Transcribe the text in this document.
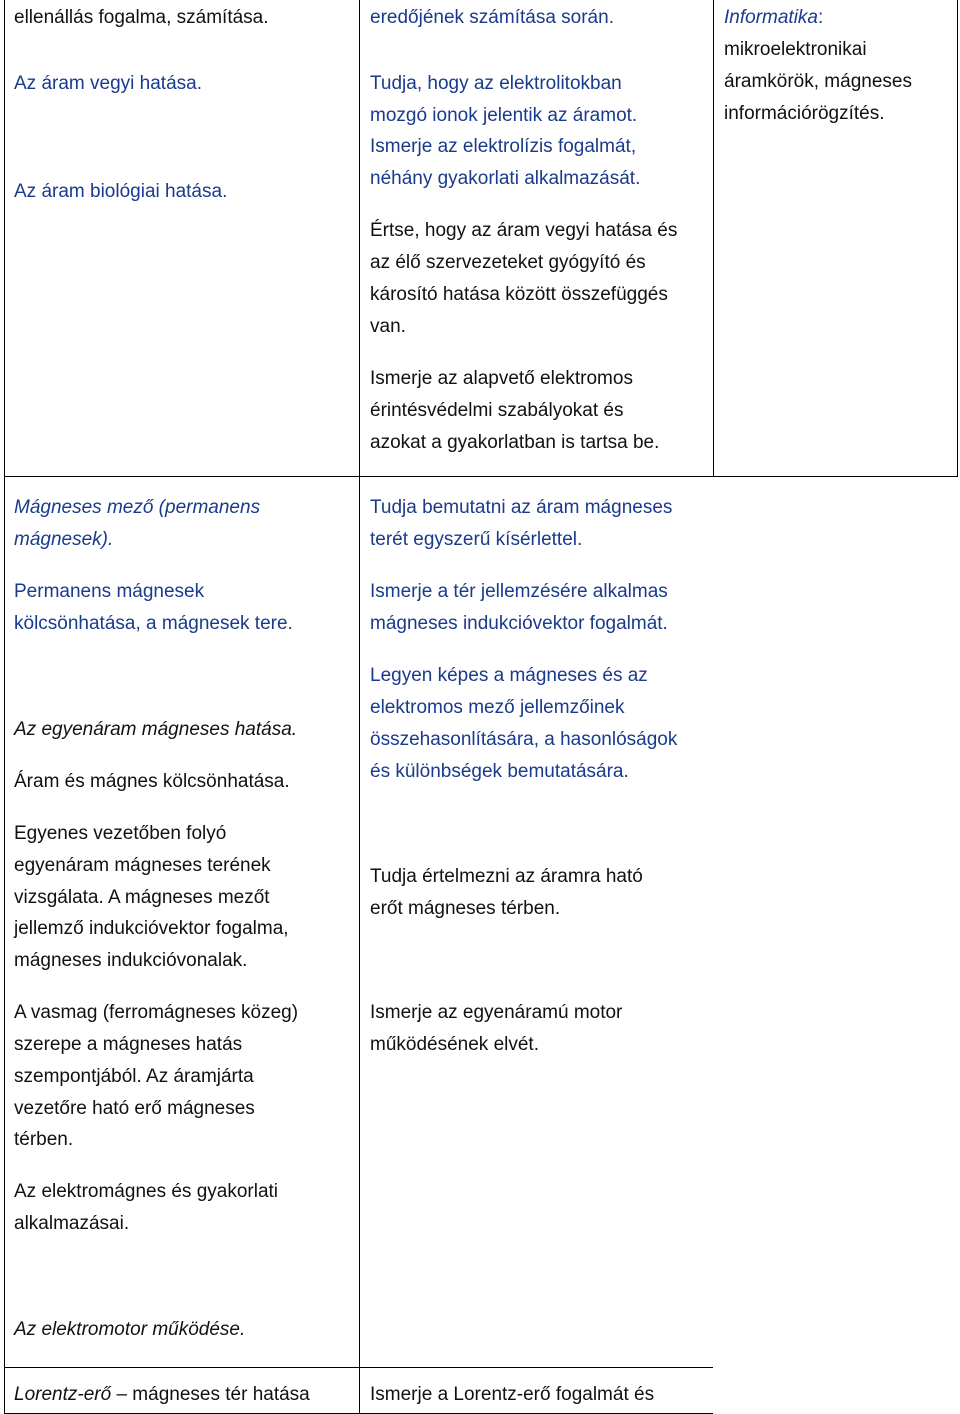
ellenállás fogalma, számítása.

Az áram vegyi hatása.

Az áram biológiai hatása.

eredőjének számítása során.

Tudja, hogy az elektrolitokban

mozgó ionok jelentik az áramot.

Ismerje az elektrolízis fogalmát,

néhány gyakorlati alkalmazását.

Értse, hogy az áram vegyi hatása és

az élő szervezeteket gyógyító és

károsító hatása között összefüggés

van.

Ismerje az alapvető elektromos

érintésvédelmi szabályokat és

azokat a gyakorlatban is tartsa be.

Informatika:

mikroelektronikai

áramkörök, mágneses

információrögzítés.

Mágneses mező (permanens

mágnesek).

Permanens mágnesek

kölcsönhatása, a mágnesek tere.

Az egyenáram mágneses hatása.

Áram és mágnes kölcsönhatása.

Egyenes vezetőben folyó

egyenáram mágneses terének

vizsgálata. A mágneses mezőt

jellemző indukcióvektor fogalma,

mágneses indukcióvonalak.

A vasmag (ferromágneses közeg)

szerepe a mágneses hatás

szempontjából. Az áramjárta

vezetőre ható erő mágneses

térben.

Az elektromágnes és gyakorlati

alkalmazásai.

Az elektromotor működése.

Tudja bemutatni az áram mágneses

terét egyszerű kísérlettel.

Ismerje a tér jellemzésére alkalmas

mágneses indukcióvektor fogalmát.

Legyen képes a mágneses és az

elektromos mező jellemzőinek

összehasonlítására, a hasonlóságok

és különbségek bemutatására.

Tudja értelmezni az áramra ható

erőt mágneses térben.

Ismerje az egyenáramú motor

működésének elvét.

Lorentz-erő – mágneses tér hatása	Ismerje a Lorentz-erő fogalmát és
